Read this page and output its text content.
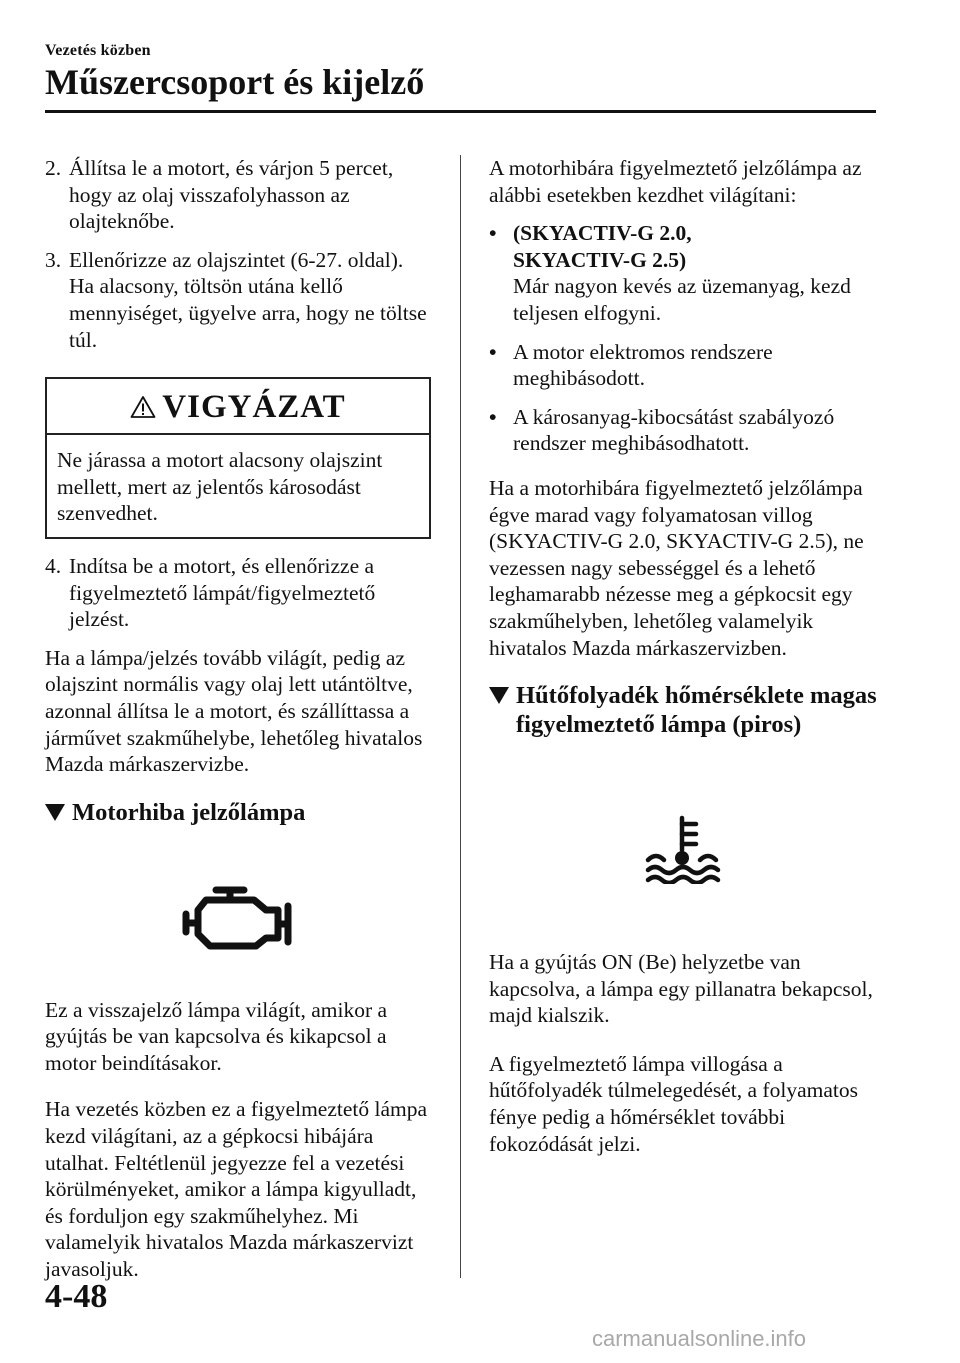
Vezetés közben
Műszercsoport és kijelző
2. Állítsa le a motort, és várjon 5 percet, hogy az olaj visszafolyhasson az olajteknőbe.
3. Ellenőrizze az olajszintet (6-27. oldal). Ha alacsony, töltsön utána kellő mennyiséget, ügyelve arra, hogy ne töltse túl.
VIGYÁZAT
Ne járassa a motort alacsony olajszint mellett, mert az jelentős károsodást szenvedhet.
4. Indítsa be a motort, és ellenőrizze a figyelmeztető lámpát/figyelmeztető jelzést.

Ha a lámpa/jelzés tovább világít, pedig az olajszint normális vagy olaj lett utántöltve, azonnal állítsa le a motort, és szállíttassa a járművet szakműhelybe, lehetőleg hivatalos Mazda márkaszervizbe.

Motorhiba jelzőlámpa

Ez a visszajelző lámpa világít, amikor a gyújtás be van kapcsolva és kikapcsol a motor beindításakor.

Ha vezetés közben ez a figyelmeztető lámpa kezd világítani, az a gépkocsi hibájára utalhat. Feltétlenül jegyezze fel a vezetési körülményeket, amikor a lámpa kigyulladt, és forduljon egy szakműhelyhez. Mi valamelyik hivatalos Mazda márkaszervizt javasoljuk.

A motorhibára figyelmeztető jelzőlámpa az alábbi esetekben kezdhet világítani:

• (SKYACTIV-G 2.0,
SKYACTIV-G 2.5)
Már nagyon kevés az üzemanyag, kezd teljesen elfogyni.
• A motor elektromos rendszere meghibásodott.
• A károsanyag-kibocsátást szabályozó rendszer meghibásodhatott.

Ha a motorhibára figyelmeztető jelzőlámpa égve marad vagy folyamatosan villog (SKYACTIV-G 2.0, SKYACTIV-G 2.5), ne vezessen nagy sebességgel és a lehető leghamarabb nézesse meg a gépkocsit egy szakműhelyben, lehetőleg valamelyik hivatalos Mazda márkaszervizben.

Hűtőfolyadék hőmérséklete magas figyelmeztető lámpa (piros)

Ha a gyújtás ON (Be) helyzetbe van kapcsolva, a lámpa egy pillanatra bekapcsol, majd kialszik.

A figyelmeztető lámpa villogása a hűtőfolyadék túlmelegedését, a folyamatos fénye pedig a hőmérséklet további fokozódását jelzi.

4-48
carmanualsonline.info
